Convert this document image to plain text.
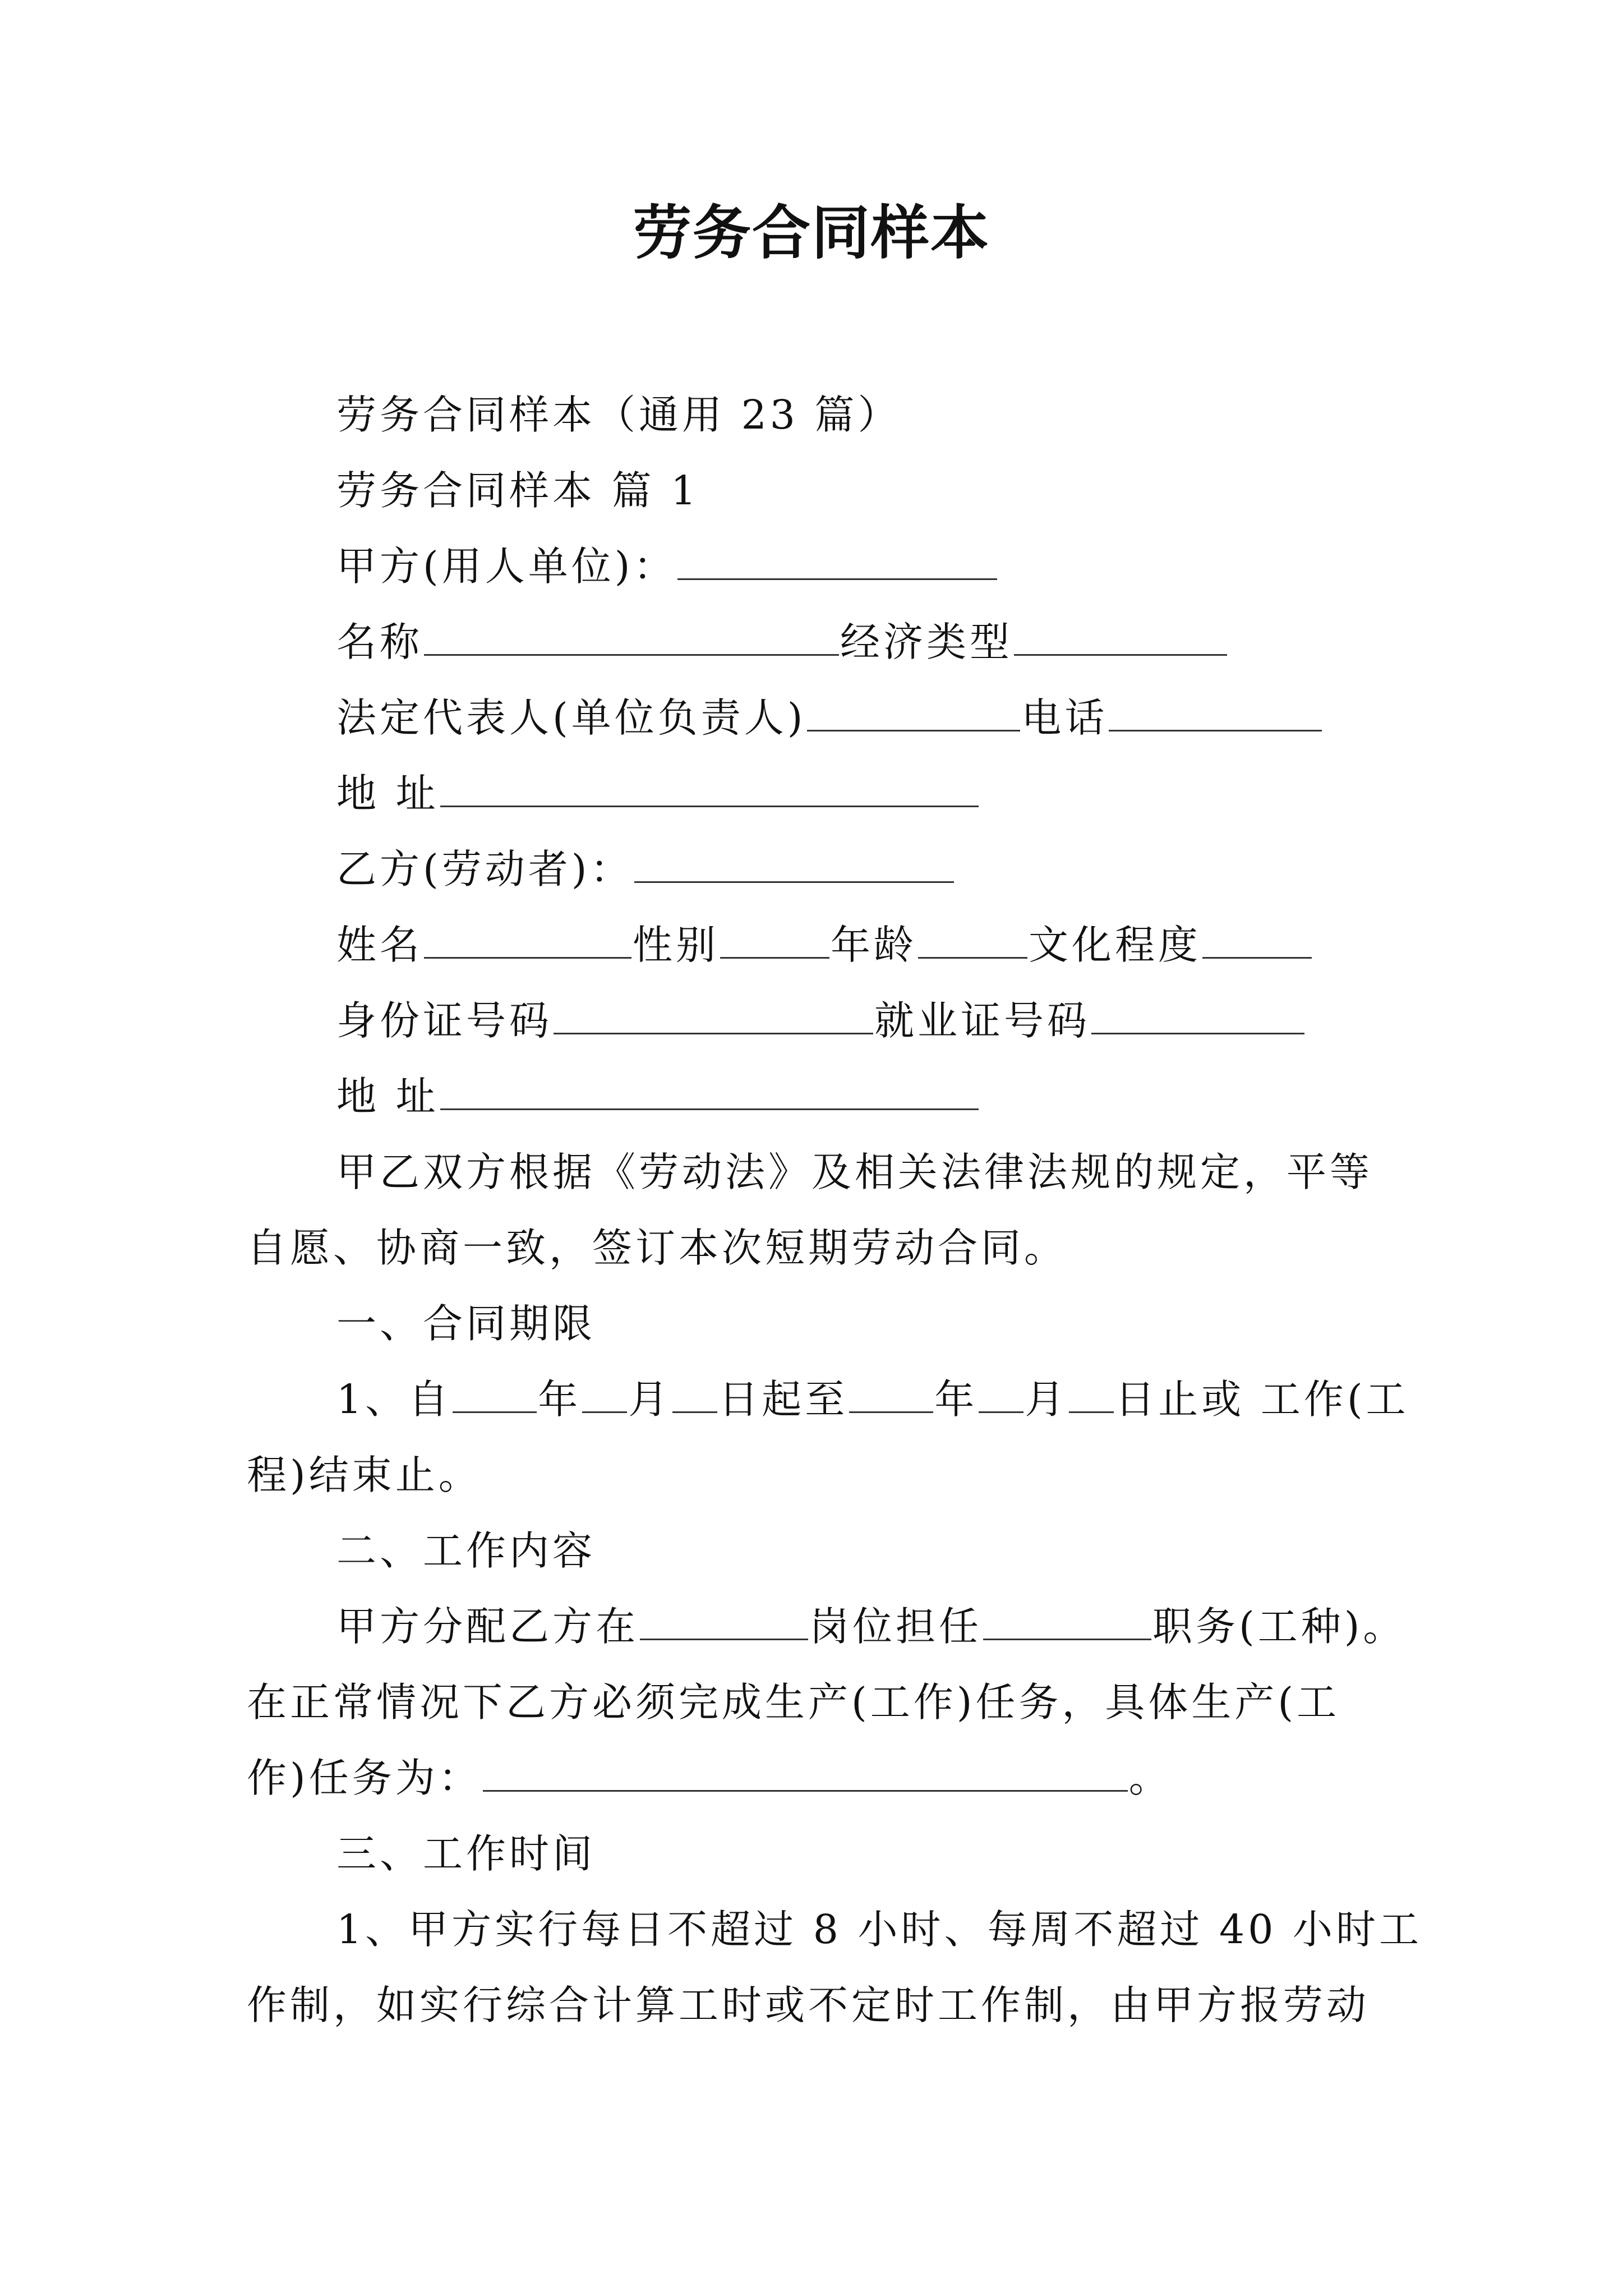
劳务合同样本
劳务合同样本（通用 23 篇）
劳务合同样本 篇 1
甲方(用人单位)：
名称	经济类型
法定代表人(单位负责人)	电话
地 址
乙方(劳动者)：
姓名	性别	年龄	文化程度
身份证号码	就业证号码
地 址
甲乙双方根据《劳动法》及相关法律法规的规定，平等
自愿、协商一致，签订本次短期劳动合同。
一、合同期限
1、自 年 月 日起至 年 月 日止或 工作(工
程)结束止。
二、工作内容
甲方分配乙方在	岗位担任	职务(工种)。
在正常情况下乙方必须完成生产(工作)任务，具体生产(工
作)任务为：	。
三、工作时间
1、甲方实行每日不超过 8 小时、每周不超过 40 小时工
作制，如实行综合计算工时或不定时工作制，由甲方报劳动
